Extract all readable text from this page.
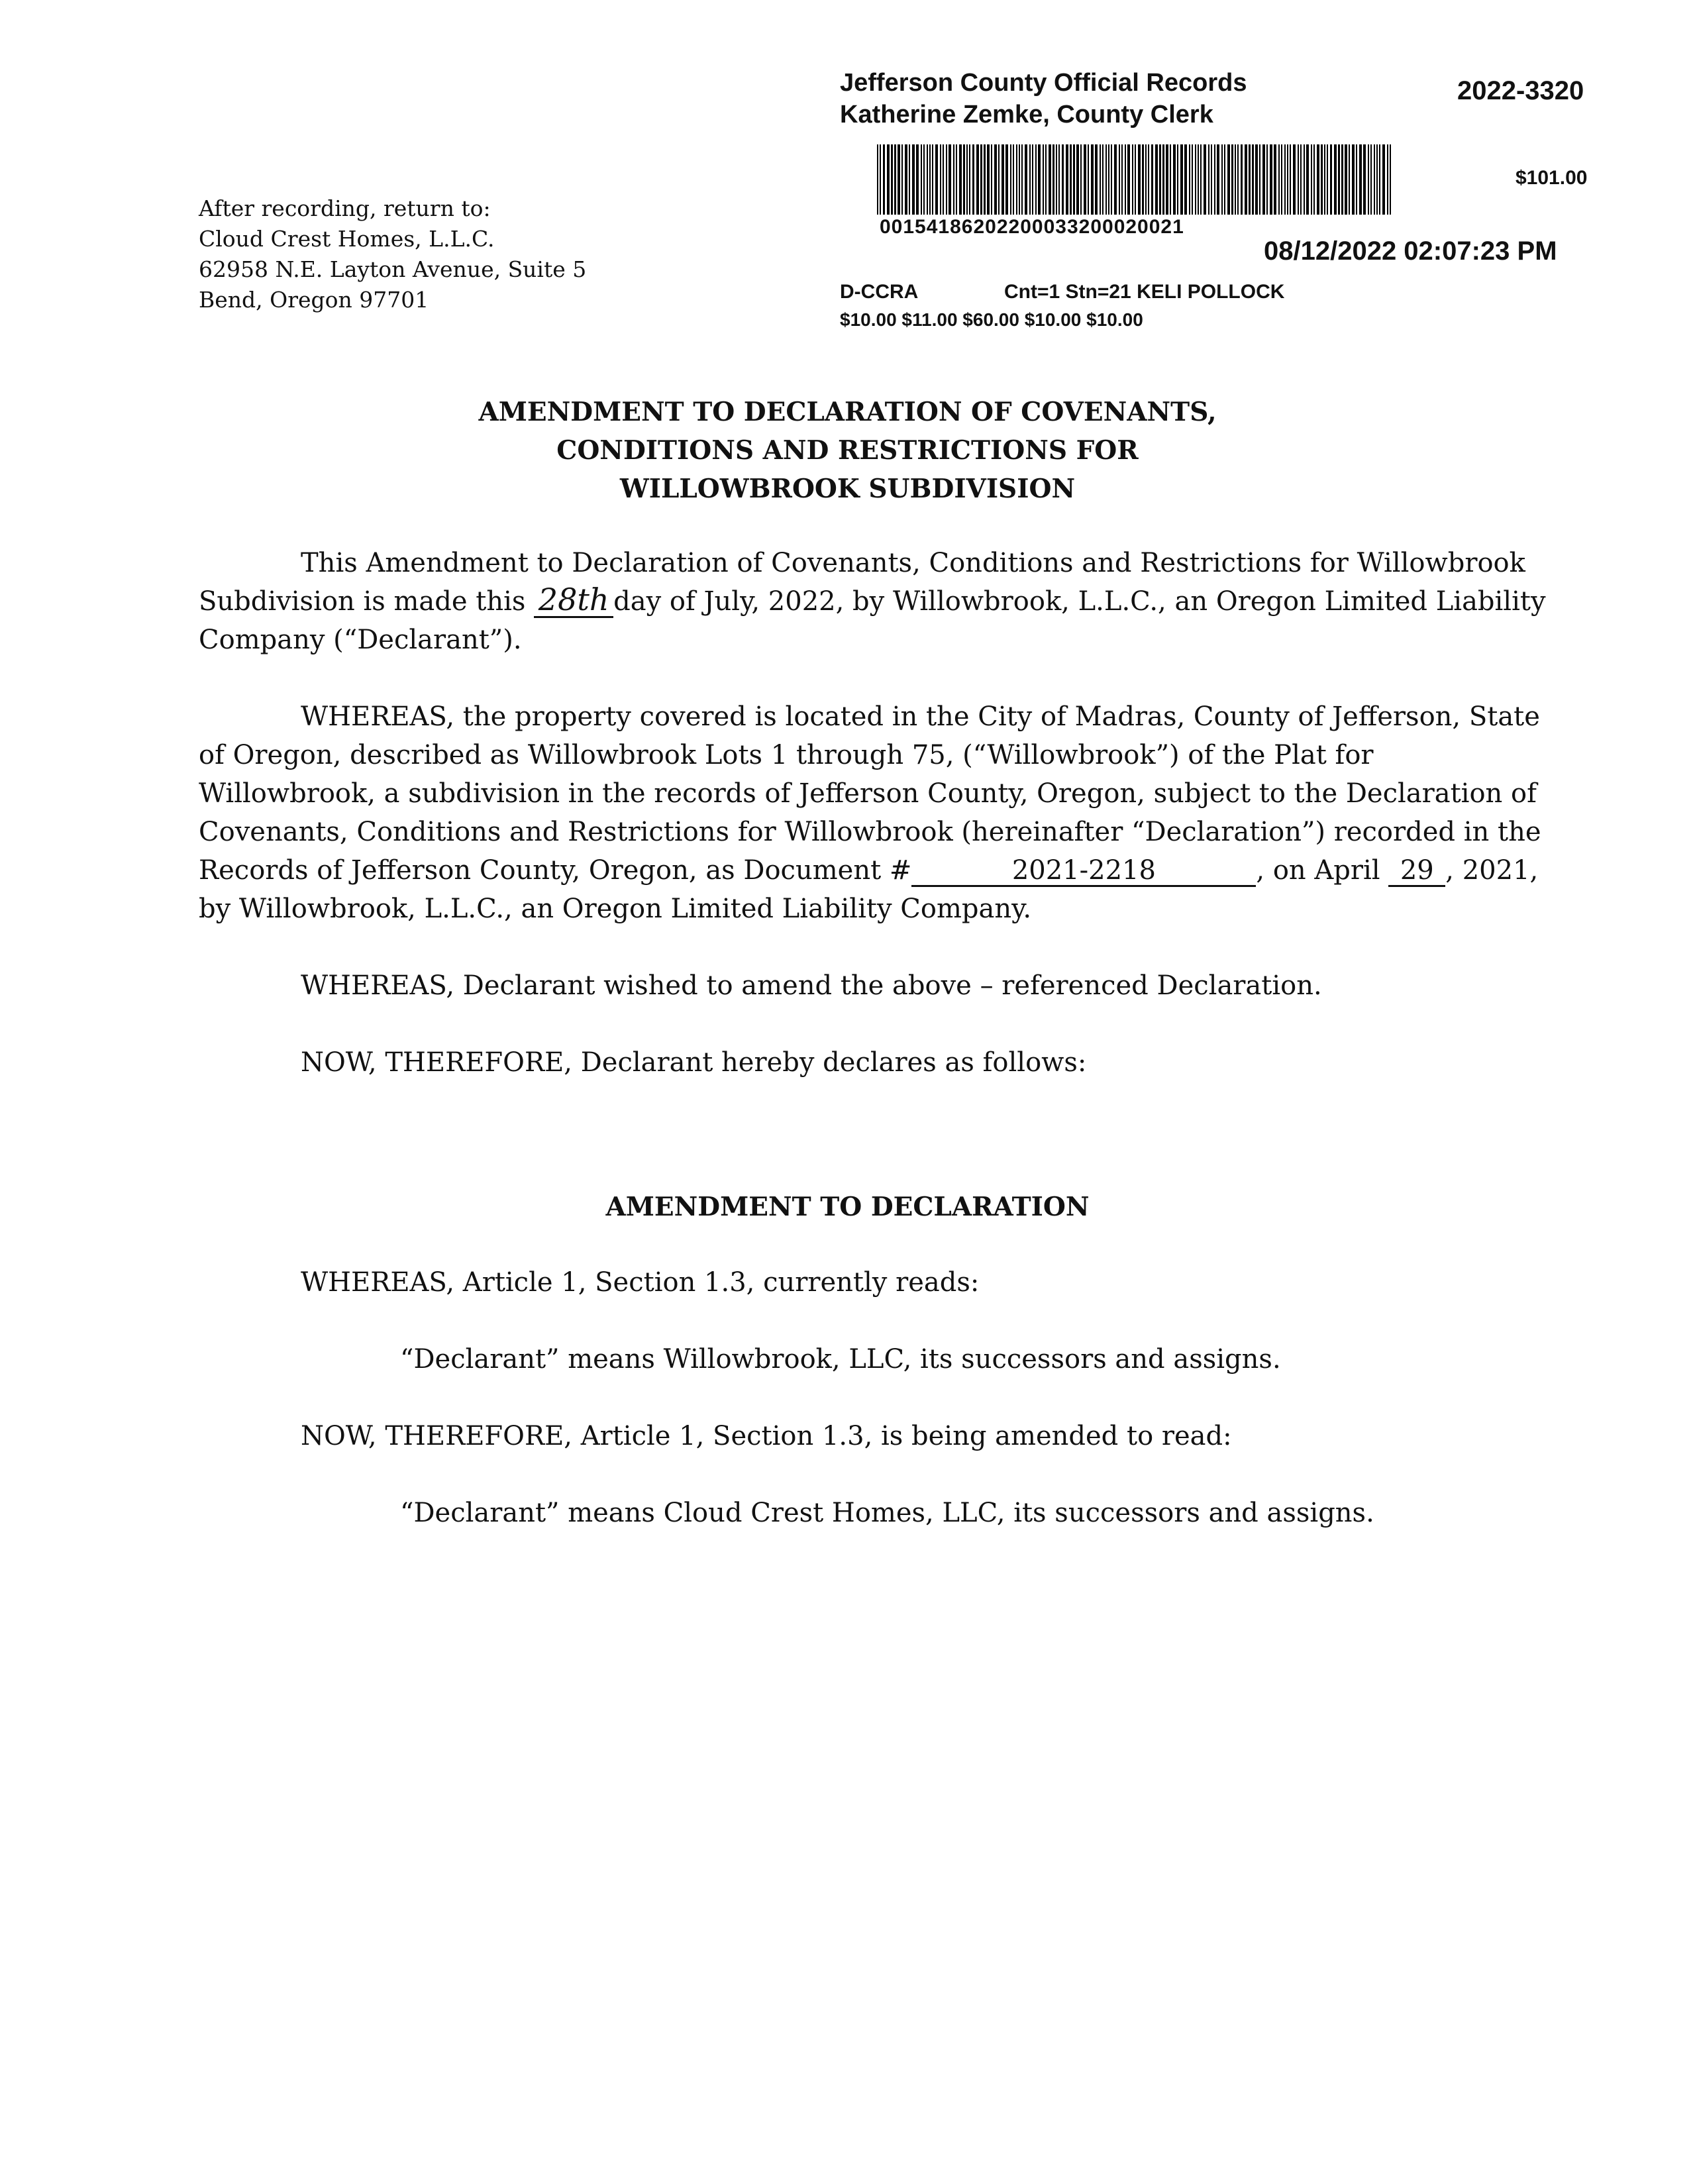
Jefferson County Official Records
Katherine Zemke, County Clerk
2022-3320
$101.00
00154186202200033200020021
08/12/2022 02:07:23 PM
D-CCRA	Cnt=1 Stn=21 KELI POLLOCK
$10.00 $11.00 $60.00 $10.00 $10.00
After recording, return to:
Cloud Crest Homes, L.L.C.
62958 N.E. Layton Avenue, Suite 5
Bend, Oregon 97701
AMENDMENT TO DECLARATION OF COVENANTS,
CONDITIONS AND RESTRICTIONS FOR
WILLOWBROOK SUBDIVISION
This Amendment to Declaration of Covenants, Conditions and Restrictions for Willowbrook
Subdivision is made this 28th day of July, 2022, by Willowbrook, L.L.C., an Oregon Limited Liability
Company (“Declarant”).
WHEREAS, the property covered is located in the City of Madras, County of Jefferson, State
of Oregon, described as Willowbrook Lots 1 through 75, (“Willowbrook”) of the Plat for
Willowbrook, a subdivision in the records of Jefferson County, Oregon, subject to the Declaration of
Covenants, Conditions and Restrictions for Willowbrook (hereinafter “Declaration”) recorded in the
Records of Jefferson County, Oregon, as Document #	2021-2218	, on April 29 , 2021,
by Willowbrook, L.L.C., an Oregon Limited Liability Company.
WHEREAS, Declarant wished to amend the above – referenced Declaration.
NOW, THEREFORE, Declarant hereby declares as follows:
AMENDMENT TO DECLARATION
WHEREAS, Article 1, Section 1.3, currently reads:
“Declarant” means Willowbrook, LLC, its successors and assigns.
NOW, THEREFORE, Article 1, Section 1.3, is being amended to read:
“Declarant” means Cloud Crest Homes, LLC, its successors and assigns.
